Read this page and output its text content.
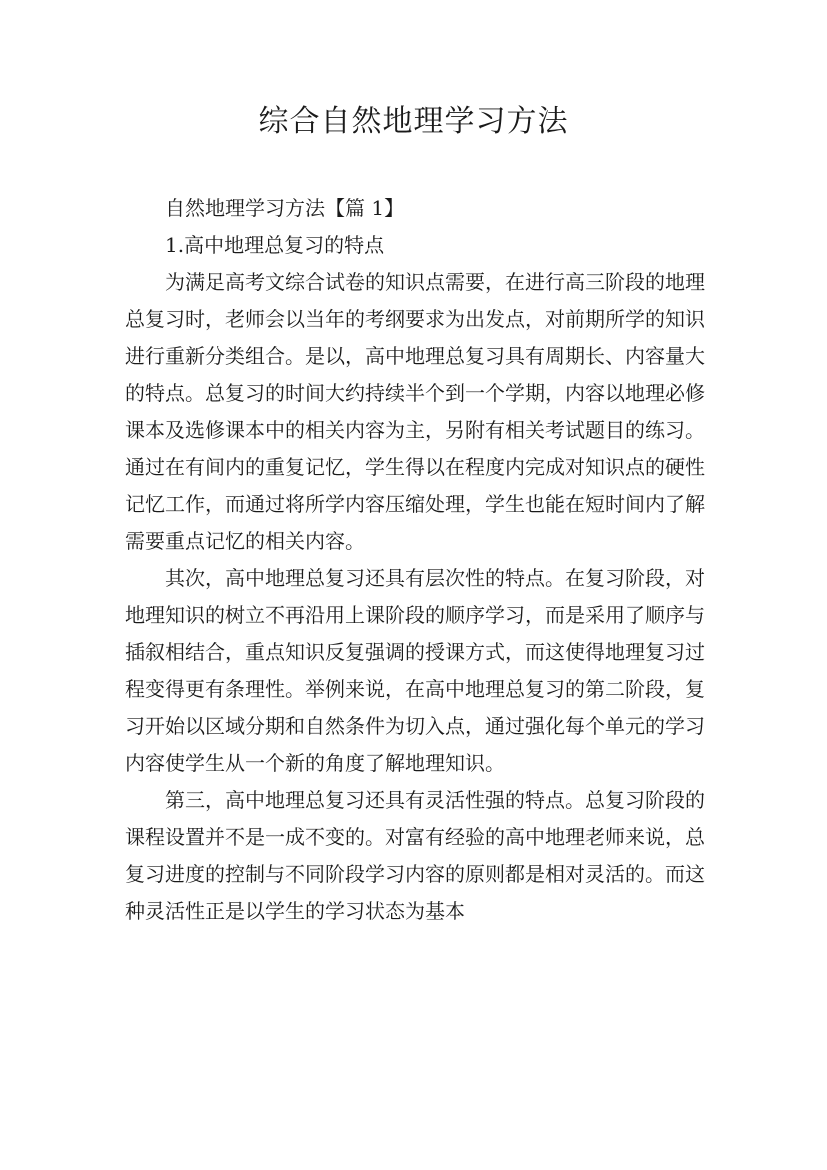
综合自然地理学习方法

自然地理学习方法【篇 1】

1.高中地理总复习的特点

为满足高考文综合试卷的知识点需要，在进行高三阶段的地理总复习时，老师会以当年的考纲要求为出发点，对前期所学的知识进行重新分类组合。是以，高中地理总复习具有周期长、内容量大的特点。总复习的时间大约持续半个到一个学期，内容以地理必修课本及选修课本中的相关内容为主，另附有相关考试题目的练习。通过在有间内的重复记忆，学生得以在程度内完成对知识点的硬性记忆工作，而通过将所学内容压缩处理，学生也能在短时间内了解需要重点记忆的相关内容。

其次，高中地理总复习还具有层次性的特点。在复习阶段，对地理知识的树立不再沿用上课阶段的顺序学习，而是采用了顺序与插叙相结合，重点知识反复强调的授课方式，而这使得地理复习过程变得更有条理性。举例来说，在高中地理总复习的第二阶段，复习开始以区域分期和自然条件为切入点，通过强化每个单元的学习内容使学生从一个新的角度了解地理知识。

第三，高中地理总复习还具有灵活性强的特点。总复习阶段的课程设置并不是一成不变的。对富有经验的高中地理老师来说，总复习进度的控制与不同阶段学习内容的原则都是相对灵活的。而这种灵活性正是以学生的学习状态为基本
